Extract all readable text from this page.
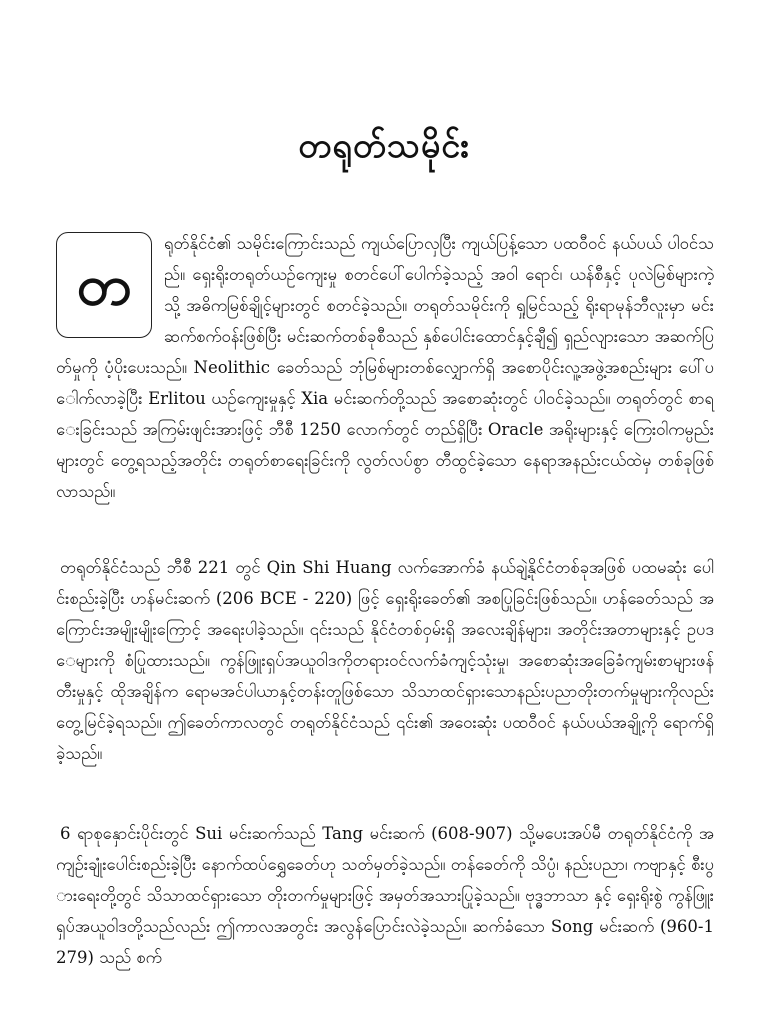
တရုတ်သမိုင်း
တ

ရုတ်နိုင်ငံ၏ သမိုင်းကြောင်းသည် ကျယ်ပြောလှပြီး ကျယ်ပြန့်သော ပထဝီဝင် နယ်ပယ် ပါဝင်သည်။ ရှေးရိုးတရုတ်ယဉ်ကျေးမှု စတင်ပေါ်ပေါက်ခဲ့သည့် အဝါ ရောင်၊ ယန်စီနှင့် ပုလဲမြစ်များကဲ့သို့ အဓိကမြစ်ချိုင့်များတွင် စတင်ခဲ့သည်။ တရုတ်သမိုင်းကို ရှုမြင်သည့် ရိုးရာမုန်ဘီလူးမှာ မင်းဆက်စက်ဝန်းဖြစ်ပြီး မင်းဆက်တစ်ခုစီသည် နှစ်ပေါင်းထောင်နှင့်ချီ၍ ရှည်လျားသော အဆက်ပြတ်မှုကို ပံ့ပိုးပေးသည်။ Neolithic ခေတ်သည် ဘုံမြစ်များတစ်လျှောက်ရှိ အစောပိုင်းလူ့အဖွဲ့အစည်းများ ပေါ်ပေါက်လာခဲ့ပြီး Erlitou ယဉ်ကျေးမှုနှင့် Xia မင်းဆက်တို့သည် အစောဆုံးတွင် ပါဝင်ခဲ့သည်။ တရုတ်တွင် စာရေးခြင်းသည် အကြမ်းဖျင်းအားဖြင့် ဘီစီ 1250 လောက်တွင် တည်ရှိပြီး Oracle အရိုးများနှင့် ကြေးဝါကမ္ပည်းများတွင် တွေ့ရသည့်အတိုင်း တရုတ်စာရေးခြင်းကို လွတ်လပ်စွာ တီထွင်ခဲ့သော နေရာအနည်းငယ်ထဲမှ တစ်ခုဖြစ်လာသည်။

တရုတ်နိုင်ငံသည် ဘီစီ 221 တွင် Qin Shi Huang လက်အောက်ခံ နယ်ချဲ့နိုင်ငံတစ်ခုအဖြစ် ပထမဆုံး ပေါင်းစည်းခဲ့ပြီး ဟန်မင်းဆက် (206 BCE - 220) ဖြင့် ရှေးရိုးခေတ်၏ အစပြုခြင်းဖြစ်သည်။ ဟန်ခေတ်သည် အကြောင်းအမျိုးမျိုးကြောင့် အရေးပါခဲ့သည်။ ၎င်းသည် နိုင်ငံတစ်ဝှမ်းရှိ အလေးချိန်များ၊ အတိုင်းအတာများနှင့် ဥပဒေများကို စံပြုထားသည်။ ကွန်ဖြူးရှပ်အယူဝါဒကိုတရားဝင်လက်ခံကျင့်သုံးမှု၊ အစောဆုံးအခြေခံကျမ်းစာများဖန်တီးမှုနှင့် ထိုအချိန်က ရောမအင်ပါယာနှင့်တန်းတူဖြစ်သော သိသာထင်ရှားသောနည်းပညာတိုးတက်မှုများကိုလည်း တွေ့မြင်ခဲ့ရသည်။ ဤခေတ်ကာလတွင် တရုတ်နိုင်ငံသည် ၎င်း၏ အဝေးဆုံး ပထဝီဝင် နယ်ပယ်အချို့ကို ရောက်ရှိခဲ့သည်။

6 ရာစုနှောင်းပိုင်းတွင် Sui မင်းဆက်သည် Tang မင်းဆက် (608-907) သို့မပေးအပ်မီ တရုတ်နိုင်ငံကို အကျဉ်းချုံးပေါင်းစည်းခဲ့ပြီး နောက်ထပ်ရွှေခေတ်ဟု သတ်မှတ်ခဲ့သည်။ တန်ခေတ်ကို သိပ္ပံ၊ နည်းပညာ၊ ကဗျာနှင့် စီးပွားရေးတို့တွင် သိသာထင်ရှားသော တိုးတက်မှုများဖြင့် အမှတ်အသားပြုခဲ့သည်။ ဗုဒ္ဓဘာသာ နှင့် ရှေးရိုးစွဲ ကွန်ဖြူးရှပ်အယူဝါဒတို့သည်လည်း ဤကာလအတွင်း အလွန်ပြောင်းလဲခဲ့သည်။ ဆက်ခံသော Song မင်းဆက် (960-1279) သည် စက်
